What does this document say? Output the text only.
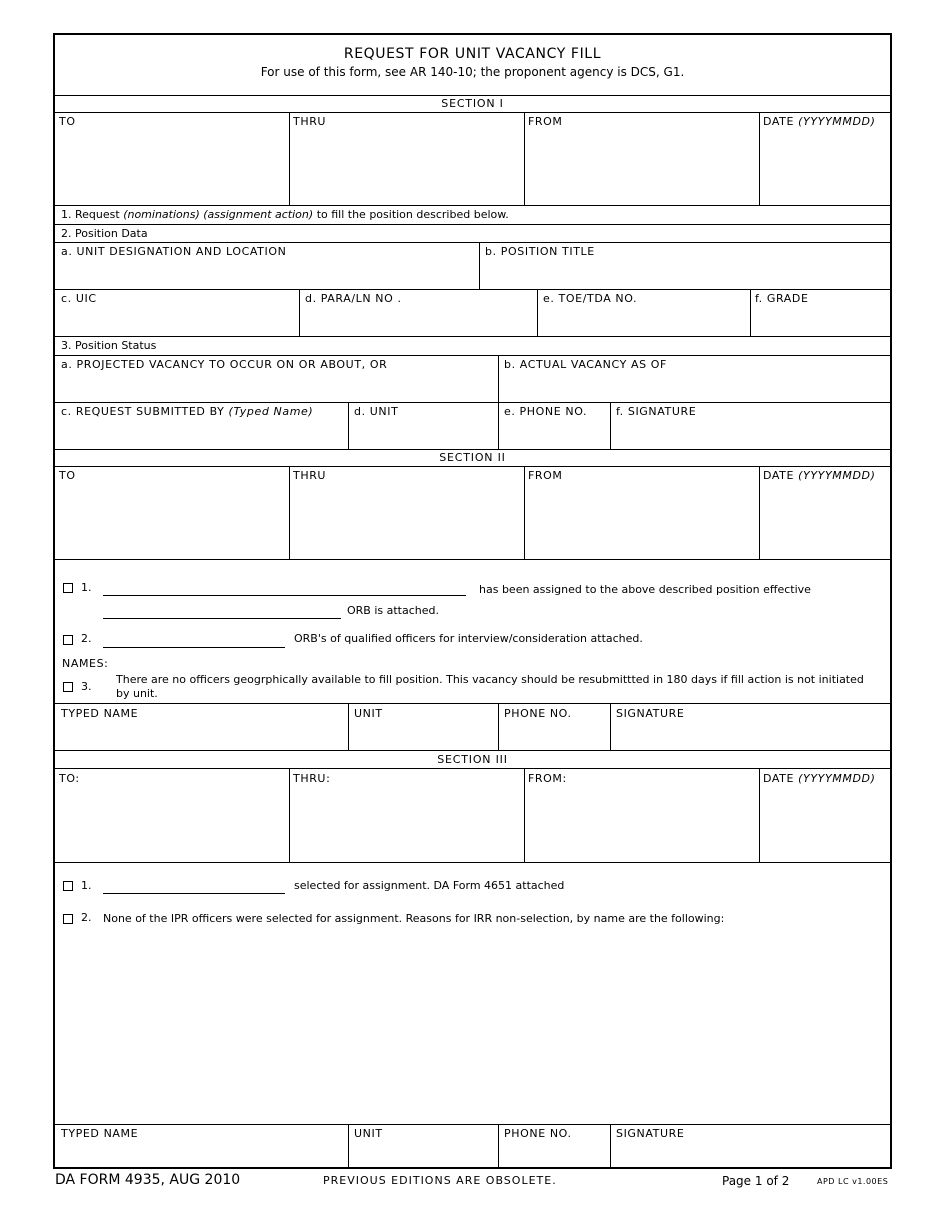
REQUEST FOR UNIT VACANCY FILL
For use of this form, see AR 140-10; the proponent agency is DCS, G1.
SECTION I
TO	THRU	FROM	DATE (YYYYMMDD)
1. Request (nominations) (assignment action) to fill the position described below.
2. Position Data
a. UNIT DESIGNATION AND LOCATION	b. POSITION TITLE
c. UIC	d. PARA/LN NO .	e. TOE/TDA NO.	f. GRADE
3. Position Status
a. PROJECTED VACANCY TO OCCUR ON OR ABOUT, OR	b. ACTUAL VACANCY AS OF
c. REQUEST SUBMITTED BY (Typed Name)	d. UNIT	e. PHONE NO.	f. SIGNATURE
SECTION II
TO	THRU	FROM	DATE (YYYYMMDD)
1.	has been assigned to the above described position effective
ORB is attached.
2.	ORB's of qualified officers for interview/consideration attached.
NAMES:
3.
There are no officers geogrphically available to fill position. This vacancy should be resubmittted in 180 days if fill action is not initiated
by unit.
TYPED NAME	UNIT	PHONE NO.	SIGNATURE
SECTION III
TO:	THRU:	FROM:	DATE (YYYYMMDD)
1.	selected for assignment. DA Form 4651 attached
2. None of the IPR officers were selected for assignment. Reasons for IRR non-selection, by name are the following:
TYPED NAME	UNIT	PHONE NO.	SIGNATURE
DA FORM 4935, AUG 2010	PREVIOUS EDITIONS ARE OBSOLETE.	Page 1 of 2	APD LC v1.00ES
